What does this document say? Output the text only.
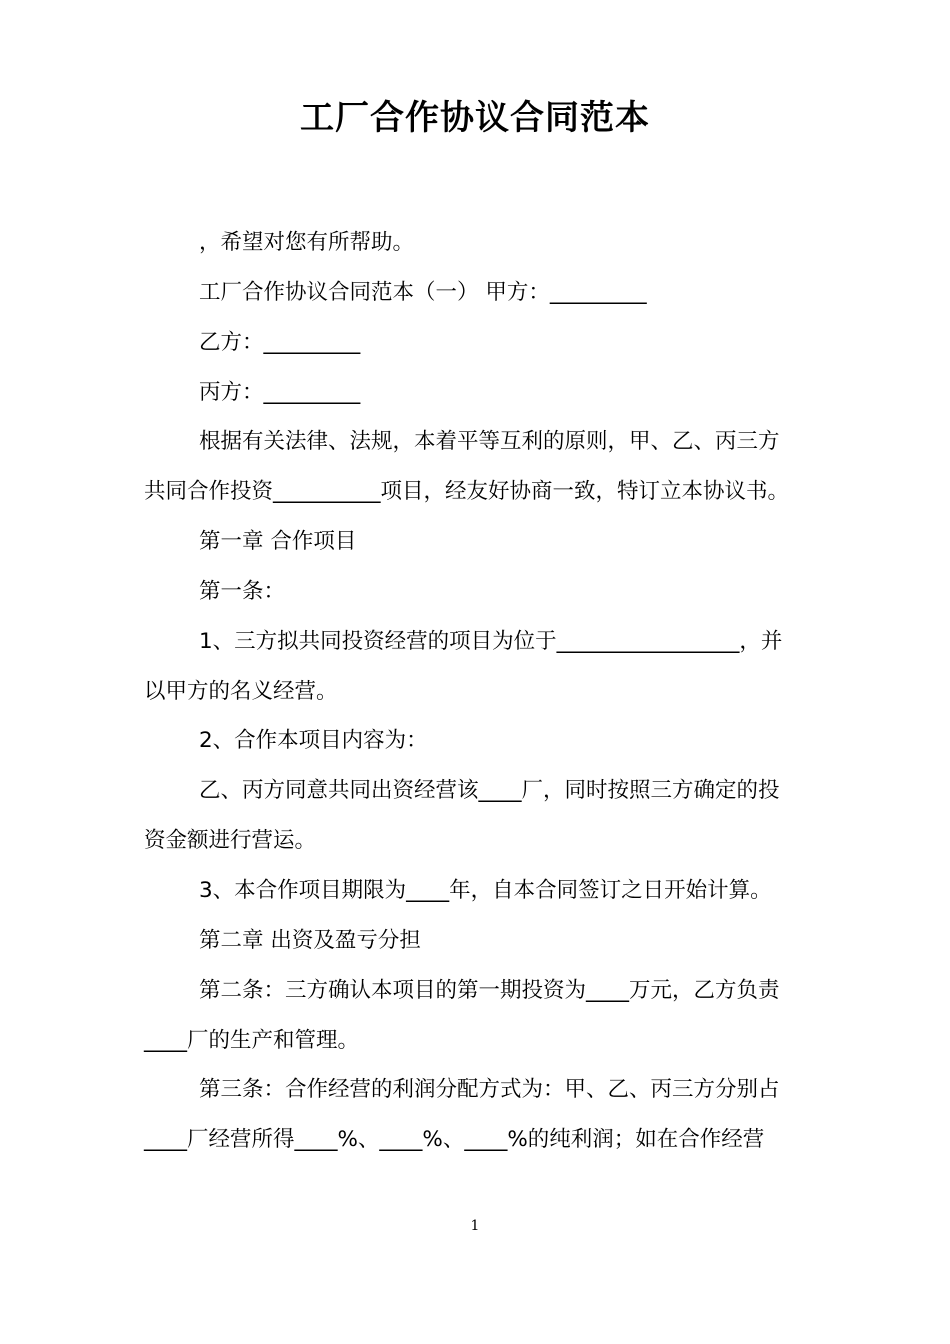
工厂合作协议合同范本

，希望对您有所帮助。

工厂合作协议合同范本（一） 甲方：_________

乙方：_________

丙方：_________

根据有关法律、法规，本着平等互利的原则，甲、乙、丙三方

共同合作投资__________项目，经友好协商一致，特订立本协议书。

第一章 合作项目

第一条：

1、三方拟共同投资经营的项目为位于_________________，并

以甲方的名义经营。

2、合作本项目内容为：

乙、丙方同意共同出资经营该____厂，同时按照三方确定的投

资金额进行营运。

3、本合作项目期限为____年，自本合同签订之日开始计算。

第二章 出资及盈亏分担

第二条：三方确认本项目的第一期投资为____万元，乙方负责

____厂的生产和管理。

第三条：合作经营的利润分配方式为：甲、乙、丙三方分别占

____厂经营所得____%、____%、____%的纯利润；如在合作经营

1
